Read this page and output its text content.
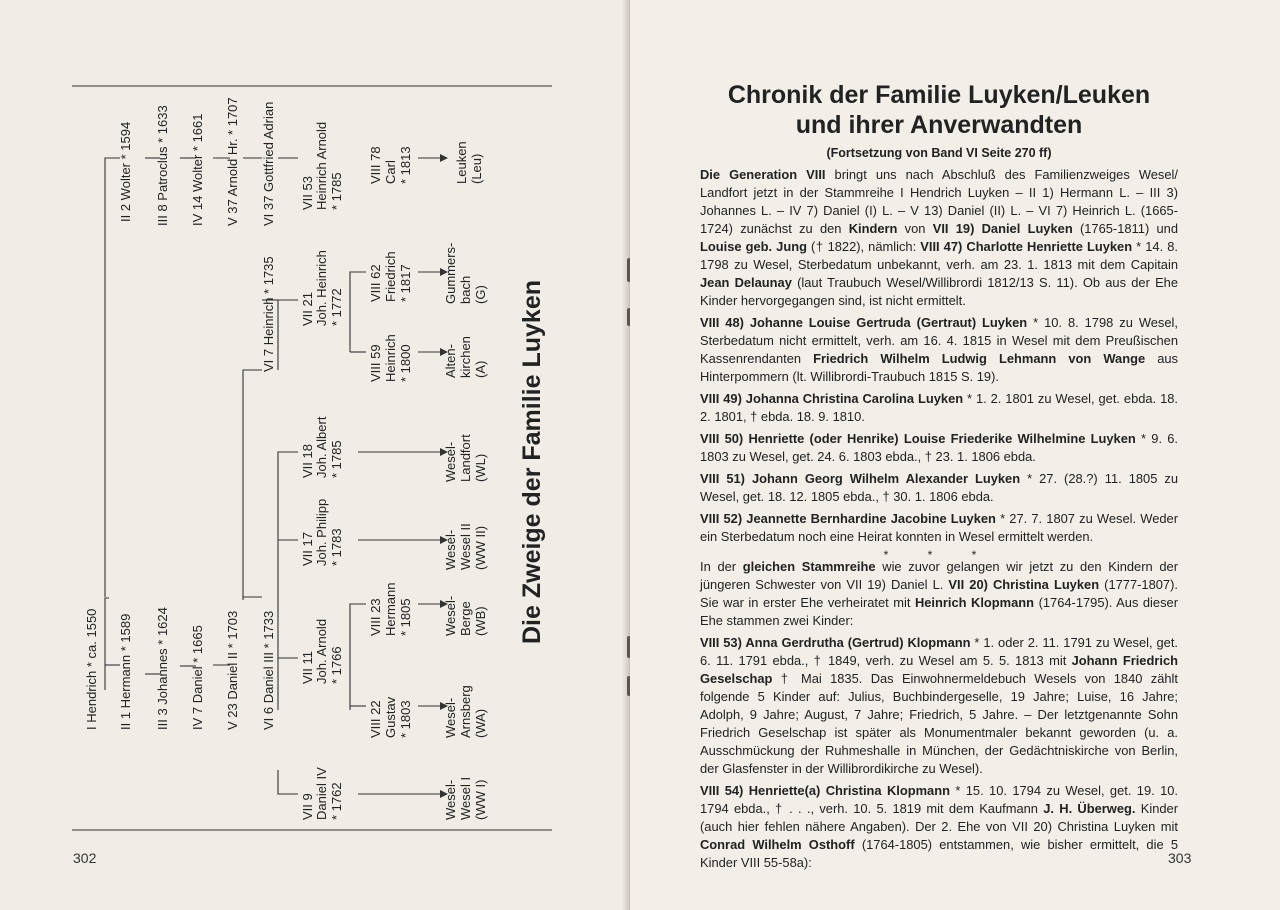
I Hendrich * ca. 1550 II 1 Hermann * 1589 III 3 Johannes * 1624 IV 7 Daniel * 1665 V 23 Daniel II * 1703 VI 6 Daniel III * 1733
II 2 Wolter * 1594 III 8 Patroclus * 1633 IV 14 Wolter * 1661 V 37 Arnold Hr. * 1707 VI 37 Gottfried Adrian
VI 7 Heinrich * 1735
VII 9 Daniel IV * 1762
VII 11 Joh. Arnold * 1766
VII 17 Joh. Philipp * 1783
VII 18 Joh. Albert * 1785
VII 21 Joh. Heinrich * 1772
VII 53 Heinrich Arnold * 1785
VIII 22 Gustav * 1803
VIII 23 Hermann * 1805
VIII 59 Heinrich * 1800
VIII 62 Friedrich * 1817
VIII 78 Carl * 1813
Wesel- Wesel I (WW I)
Wesel- Arnsberg (WA)
Wesel- Berge (WB)
Wesel- Wesel II (WW II)
Wesel- Landfort (WL)
Alten- kirchen (A)
Gummers- bach (G)
Leuken (Leu)
Die Zweige der Familie Luyken
302
Chronik der Familie Luyken/Leuken
und ihrer Anverwandten
(Fortsetzung von Band VI Seite 270 ff)

Die Generation VIII bringt uns nach Abschluß des Familienzweiges Wesel/ Landfort jetzt in der Stammreihe I Hendrich Luyken – II 1) Hermann L. – III 3) Johannes L. – IV 7) Daniel (I) L. – V 13) Daniel (II) L. – VI 7) Heinrich L. (1665-1724) zunächst zu den Kindern von VII 19) Daniel Luyken (1765-1811) und Louise geb. Jung († 1822), nämlich: VIII 47) Charlotte Henriette Luyken * 14. 8. 1798 zu Wesel, Sterbedatum unbekannt, verh. am 23. 1. 1813 mit dem Capitain Jean Delaunay (laut Traubuch Wesel/Willibrordi 1812/13 S. 11). Ob aus der Ehe Kinder hervorgegangen sind, ist nicht ermittelt.

VIII 48) Johanne Louise Gertruda (Gertraut) Luyken * 10. 8. 1798 zu Wesel, Sterbedatum nicht ermittelt, verh. am 16. 4. 1815 in Wesel mit dem Preußischen Kassenrendanten Friedrich Wilhelm Ludwig Lehmann von Wange aus Hinterpommern (lt. Willibrordi-Traubuch 1815 S. 19).

VIII 49) Johanna Christina Carolina Luyken * 1. 2. 1801 zu Wesel, get. ebda. 18. 2. 1801, † ebda. 18. 9. 1810.

VIII 50) Henriette (oder Henrike) Louise Friederike Wilhelmine Luyken * 9. 6. 1803 zu Wesel, get. 24. 6. 1803 ebda., † 23. 1. 1806 ebda.

VIII 51) Johann Georg Wilhelm Alexander Luyken * 27. (28.?) 11. 1805 zu Wesel, get. 18. 12. 1805 ebda., † 30. 1. 1806 ebda.

VIII 52) Jeannette Bernhardine Jacobine Luyken * 27. 7. 1807 zu Wesel. Weder ein Sterbedatum noch eine Heirat konnten in Wesel ermittelt werden.

* * *

In der gleichen Stammreihe wie zuvor gelangen wir jetzt zu den Kindern der jüngeren Schwester von VII 19) Daniel L. VII 20) Christina Luyken (1777-1807). Sie war in erster Ehe verheiratet mit Heinrich Klopmann (1764-1795). Aus dieser Ehe stammen zwei Kinder:

VIII 53) Anna Gerdrutha (Gertrud) Klopmann * 1. oder 2. 11. 1791 zu Wesel, get. 6. 11. 1791 ebda., † 1849, verh. zu Wesel am 5. 5. 1813 mit Johann Friedrich Geselschap † Mai 1835. Das Einwohnermeldebuch Wesels von 1840 zählt folgende 5 Kinder auf: Julius, Buchbindergeselle, 19 Jahre; Luise, 16 Jahre; Adolph, 9 Jahre; August, 7 Jahre; Friedrich, 5 Jahre. – Der letztgenannte Sohn Friedrich Geselschap ist später als Monumentmaler bekannt geworden (u. a. Ausschmückung der Ruhmeshalle in München, der Gedächtniskirche von Berlin, der Glasfenster in der Willibrordikirche zu Wesel).

VIII 54) Henriette(a) Christina Klopmann * 15. 10. 1794 zu Wesel, get. 19. 10. 1794 ebda., † . . ., verh. 10. 5. 1819 mit dem Kaufmann J. H. Überweg. Kinder (auch hier fehlen nähere Angaben). Der 2. Ehe von VII 20) Christina Luyken mit Conrad Wilhelm Osthoff (1764-1805) entstammen, wie bisher ermittelt, die 5 Kinder VIII 55-58a):	303
